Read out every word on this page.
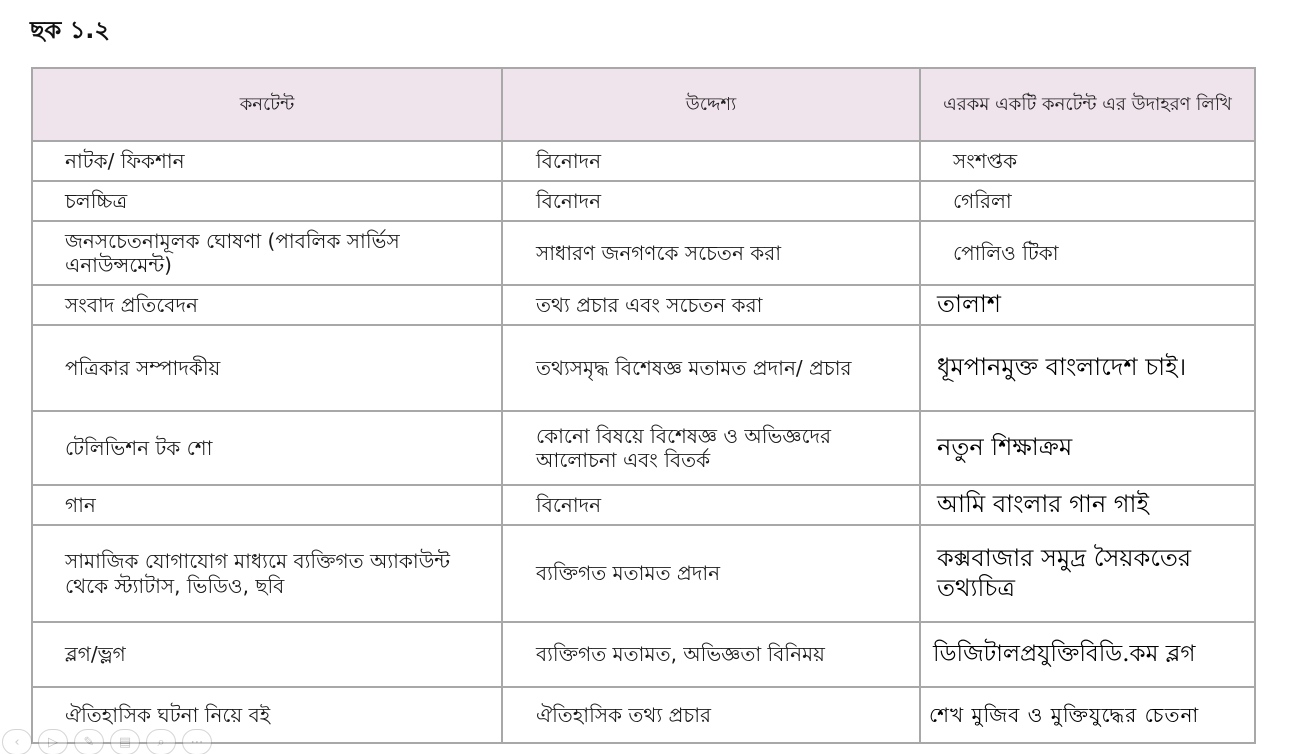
ছক ১.২
কনটেন্ট	উদ্দেশ্য	এরকম একটি কনটেন্ট এর উদাহরণ লিখি
নাটক/ ফিকশান	বিনোদন	সংশপ্তক
চলচ্চিত্র	বিনোদন	গেরিলা
জনসচেতনামূলক ঘোষণা (পাবলিক সার্ভিস এনাউন্সমেন্ট)	সাধারণ জনগণকে সচেতন করা	পোলিও টিকা
সংবাদ প্রতিবেদন	তথ্য প্রচার এবং সচেতন করা	তালাশ
পত্রিকার সম্পাদকীয়	তথ্যসমৃদ্ধ বিশেষজ্ঞ মতামত প্রদান/ প্রচার	ধূমপানমুক্ত বাংলাদেশ চাই।
টেলিভিশন টক শো	কোনো বিষয়ে বিশেষজ্ঞ ও অভিজ্ঞদের আলোচনা এবং বিতর্ক	নতুন শিক্ষাক্রম
গান	বিনোদন	আমি বাংলার গান গাই
সামাজিক যোগাযোগ মাধ্যমে ব্যক্তিগত অ্যাকাউন্ট থেকে স্ট্যাটাস, ভিডিও, ছবি	ব্যক্তিগত মতামত প্রদান	কক্সবাজার সমুদ্র সৈয়কতের তথ্যচিত্র
ব্লগ/ভ্লগ	ব্যক্তিগত মতামত, অভিজ্ঞতা বিনিময়	ডিজিটালপ্রযুক্তিবিডি.কম ব্লগ
ঐতিহাসিক ঘটনা নিয়ে বই	ঐতিহাসিক তথ্য প্রচার	শেখ মুজিব ও মুক্তিযুদ্ধের চেতনা
‹	▷	✎	▤	⌕	⋯
